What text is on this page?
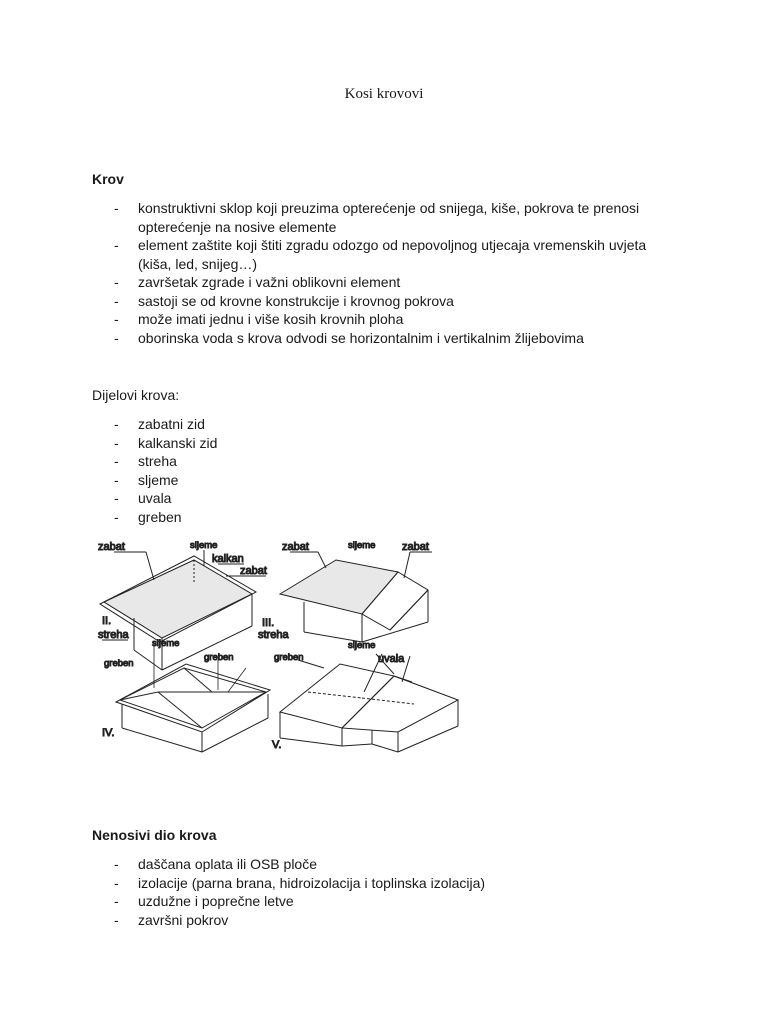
Kosi krovovi
Krov
- konstruktivni sklop koji preuzima opterećenje od snijega, kiše, pokrova te prenosi
opterećenje na nosive elemente
- element zaštite koji štiti zgradu odozgo od nepovoljnog utjecaja vremenskih uvjeta
(kiša, led, snijeg…)
- završetak zgrade i važni oblikovni element
- sastoji se od krovne konstrukcije i krovnog pokrova
- može imati jednu i više kosih krovnih ploha
- oborinska voda s krova odvodi se horizontalnim i vertikalnim žlijebovima
Dijelovi krova:
- zabatni zid
- kalkanski zid
- streha
- sljeme
- uvala
- greben
zabat	sljeme
kalkan
zabat
II.
streha
zabat	sljeme zabat
III.
streha
sljeme
greben
greben
IV.
greben
sljeme
uvala
V.
Nenosivi dio krova
- daščana oplata ili OSB ploče
- izolacije (parna brana, hidroizolacija i toplinska izolacija)
- uzdužne i poprečne letve
- završni pokrov
